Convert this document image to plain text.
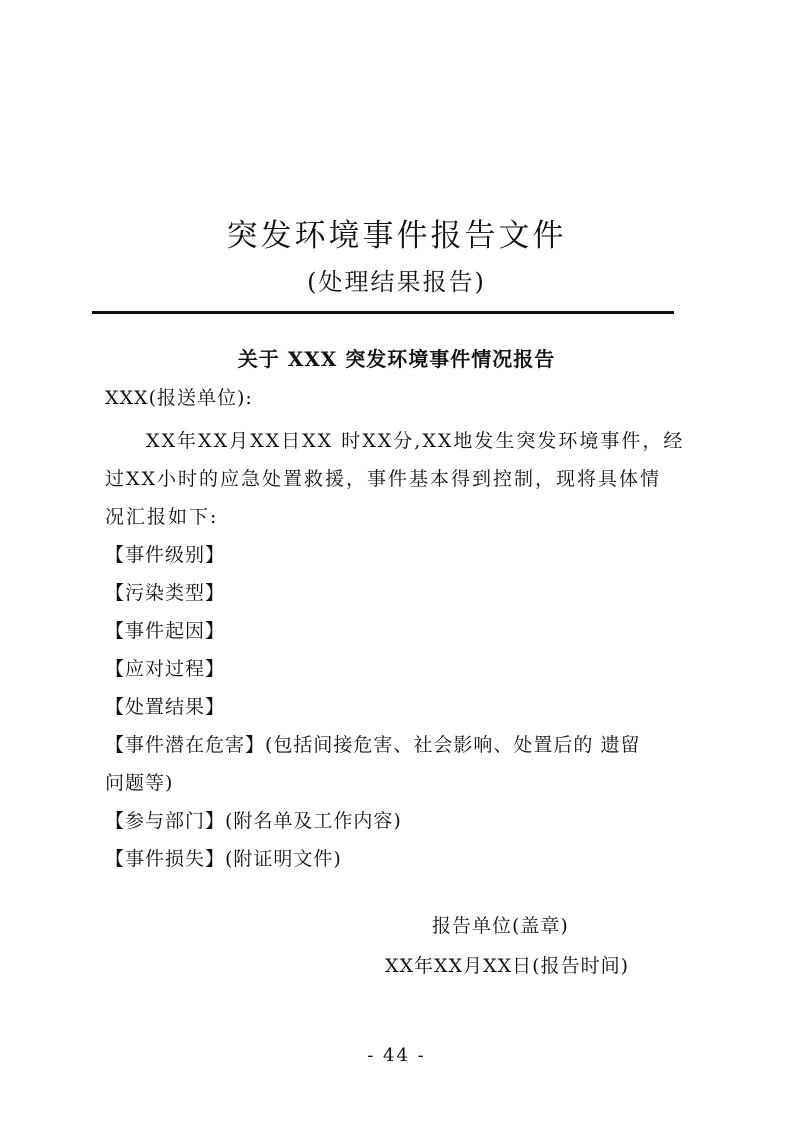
突发环境事件报告文件
(处理结果报告)
关于 XXX 突发环境事件情况报告
XXX(报送单位):
XX年XX月XX日XX 时XX分,XX地发生突发环境事件，经
过XX小时的应急处置救援，事件基本得到控制，现将具体情
况汇报如下:
【事件级别】
【污染类型】
【事件起因】
【应对过程】
【处置结果】
【事件潜在危害】(包括间接危害、社会影响、处置后的 遗留
问题等)
【参与部门】(附名单及工作内容)
【事件损失】(附证明文件)
报告单位(盖章)
XX年XX月XX日(报告时间)
- 44 -
